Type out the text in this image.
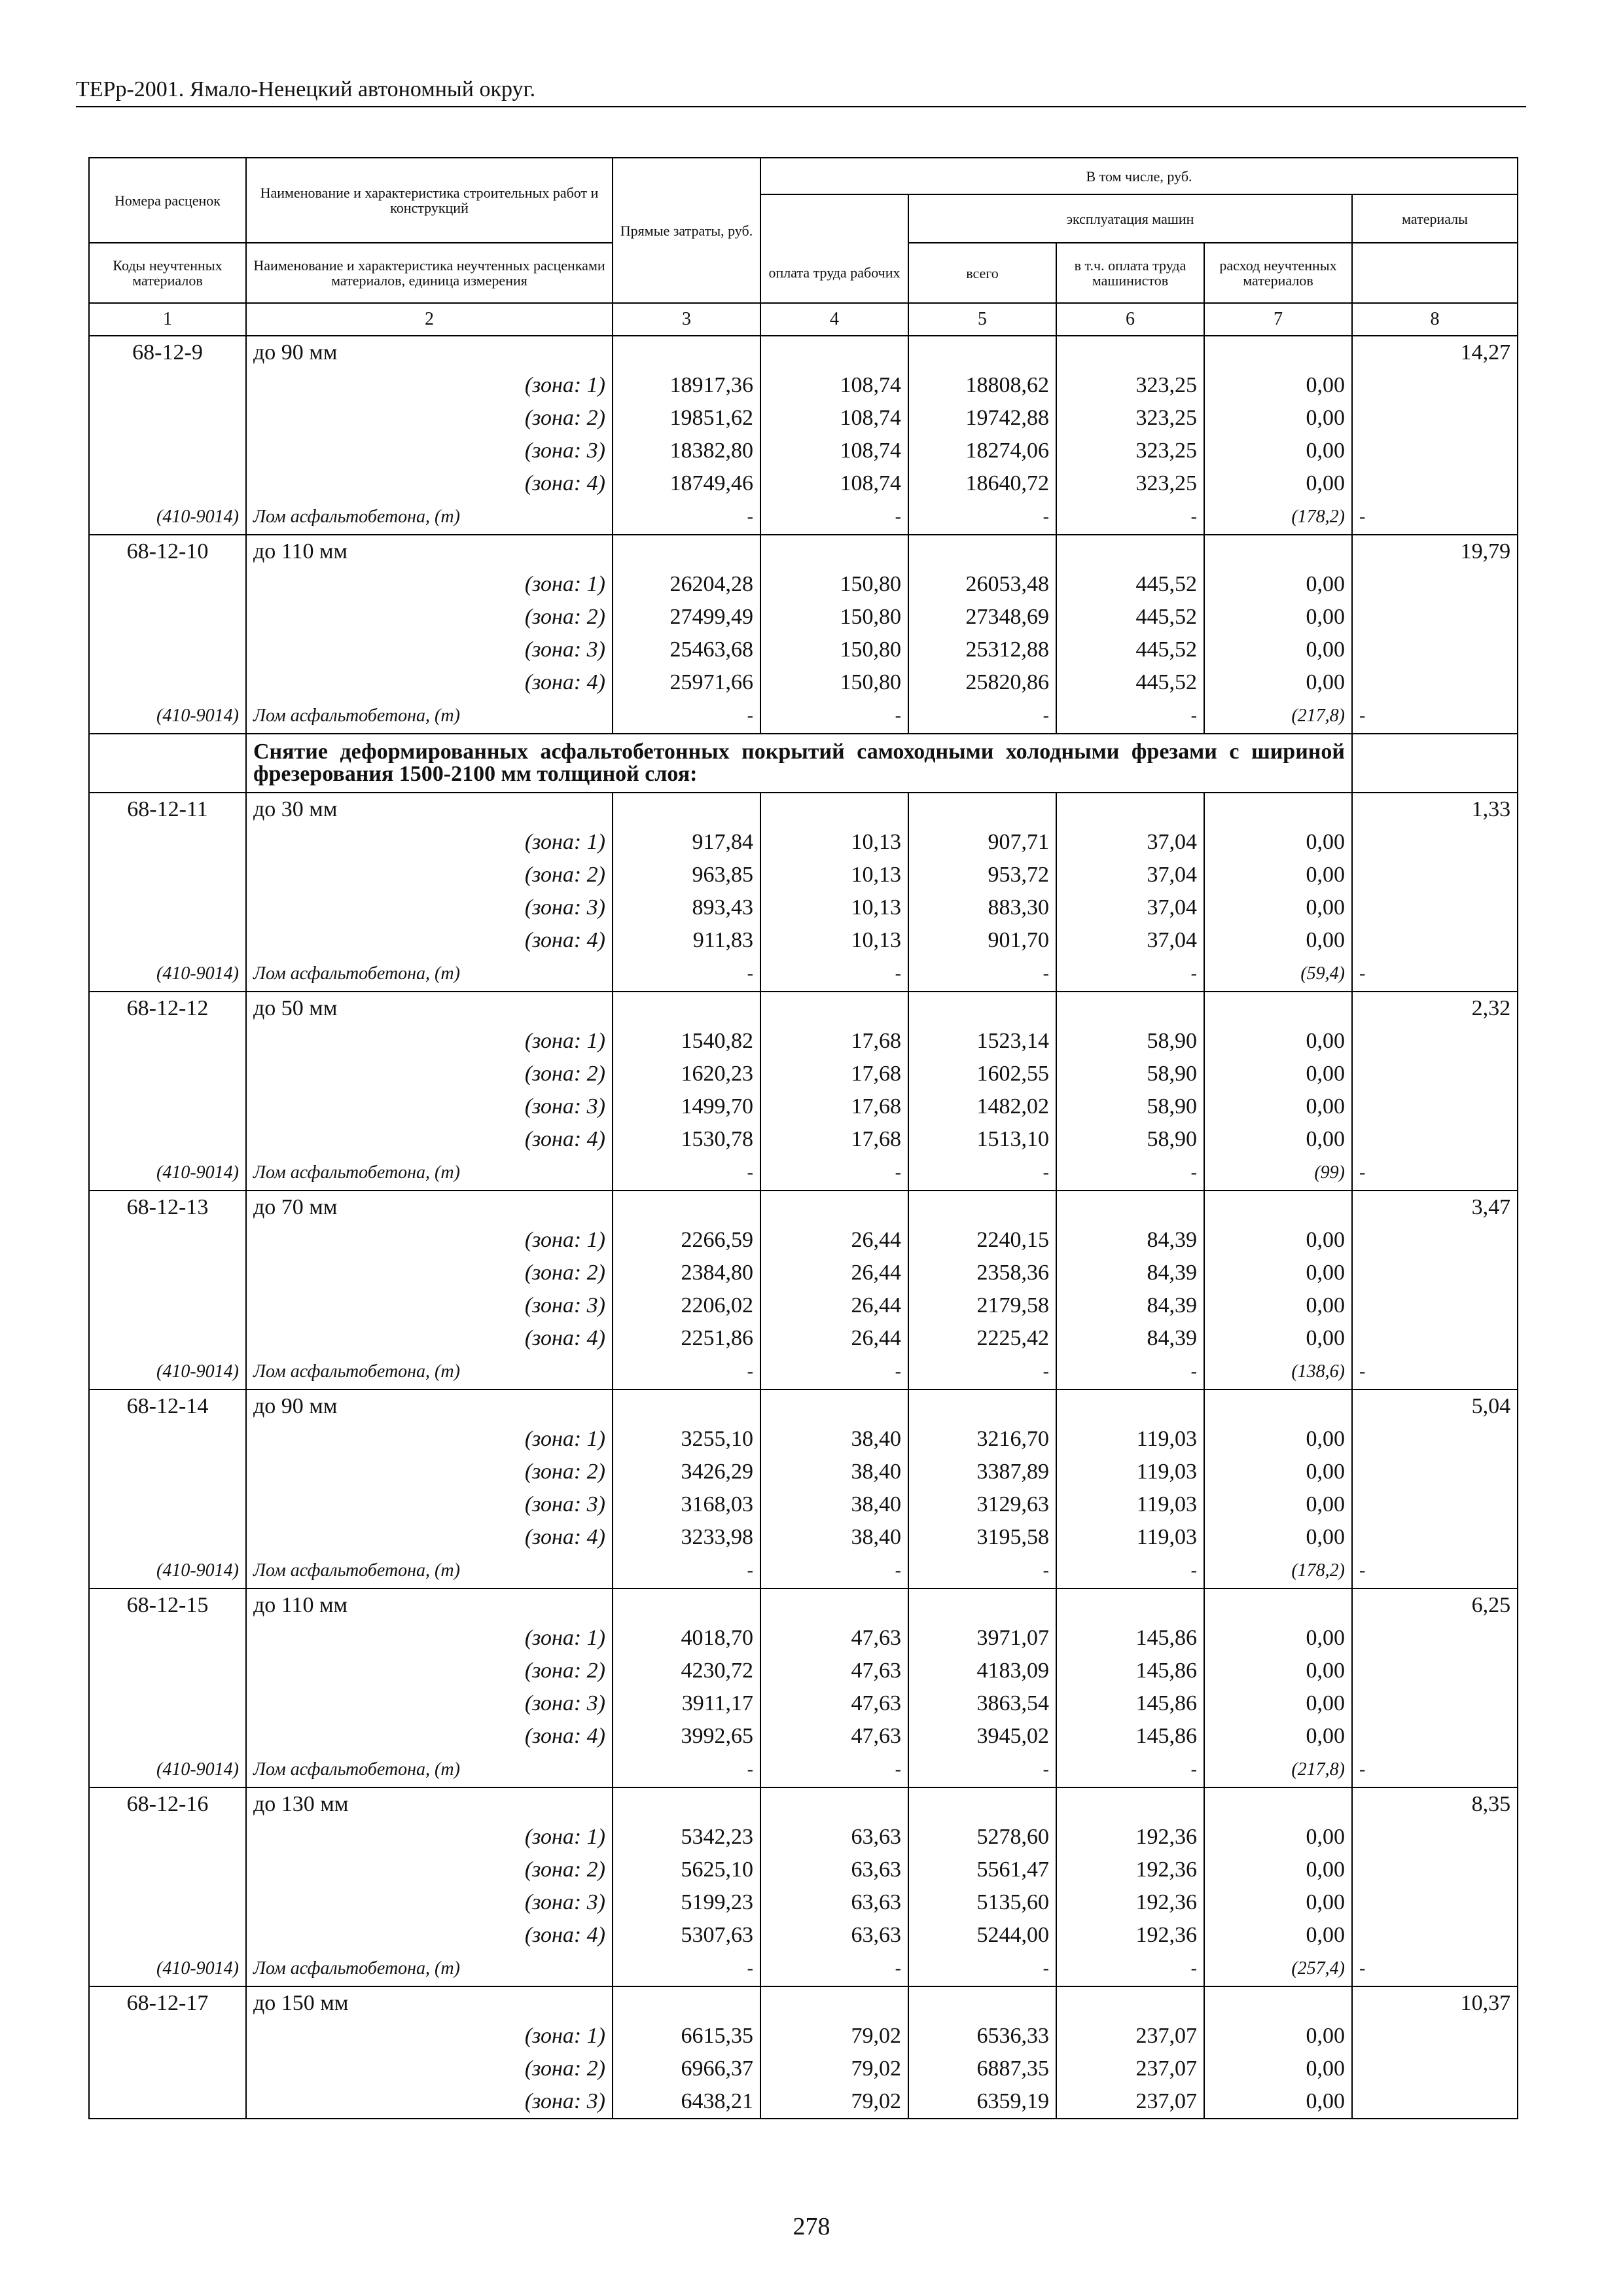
ТЕРр-2001. Ямало-Ненецкий автономный округ.
Номера расценок	Наименование и характеристика строительных работ и конструкций	Прямые затраты, руб.	В том числе, руб.	
				эксплуатация машин			материалы	
Коды неучтенных материалов	Наименование и характеристика неучтенных расценками материалов, единица измерения		оплата труда рабочих	всего	в т.ч. оплата труда машинистов	расход неучтенных материалов		
1	2	3	4	5	6	7	8	
68-12-9	до 90 мм						14,27	
	(зона: 1)	18917,36	108,74	18808,62	323,25	0,00		
	(зона: 2)	19851,62	108,74	19742,88	323,25	0,00		
	(зона: 3)	18382,80	108,74	18274,06	323,25	0,00		
	(зона: 4)	18749,46	108,74	18640,72	323,25	0,00		
(410-9014)	Лом асфальтобетона, (т)	-	-	-	-	(178,2)	-	
68-12-10	до 110 мм						19,79	
	(зона: 1)	26204,28	150,80	26053,48	445,52	0,00		
	(зона: 2)	27499,49	150,80	27348,69	445,52	0,00		
	(зона: 3)	25463,68	150,80	25312,88	445,52	0,00		
	(зона: 4)	25971,66	150,80	25820,86	445,52	0,00		
(410-9014)	Лом асфальтобетона, (т)	-	-	-	-	(217,8)	-	
	Снятие деформированных асфальтобетонных покрытий самоходными холодными фрезами с шириной фрезерования 1500-2100 мм толщиной слоя:							
68-12-11	до 30 мм						1,33	
	(зона: 1)	917,84	10,13	907,71	37,04	0,00		
	(зона: 2)	963,85	10,13	953,72	37,04	0,00		
	(зона: 3)	893,43	10,13	883,30	37,04	0,00		
	(зона: 4)	911,83	10,13	901,70	37,04	0,00		
(410-9014)	Лом асфальтобетона, (т)	-	-	-	-	(59,4)	-	
68-12-12	до 50 мм						2,32	
	(зона: 1)	1540,82	17,68	1523,14	58,90	0,00		
	(зона: 2)	1620,23	17,68	1602,55	58,90	0,00		
	(зона: 3)	1499,70	17,68	1482,02	58,90	0,00		
	(зона: 4)	1530,78	17,68	1513,10	58,90	0,00		
(410-9014)	Лом асфальтобетона, (т)	-	-	-	-	(99)	-	
68-12-13	до 70 мм						3,47	
	(зона: 1)	2266,59	26,44	2240,15	84,39	0,00		
	(зона: 2)	2384,80	26,44	2358,36	84,39	0,00		
	(зона: 3)	2206,02	26,44	2179,58	84,39	0,00		
	(зона: 4)	2251,86	26,44	2225,42	84,39	0,00		
(410-9014)	Лом асфальтобетона, (т)	-	-	-	-	(138,6)	-	
68-12-14	до 90 мм						5,04	
	(зона: 1)	3255,10	38,40	3216,70	119,03	0,00		
	(зона: 2)	3426,29	38,40	3387,89	119,03	0,00		
	(зона: 3)	3168,03	38,40	3129,63	119,03	0,00		
	(зона: 4)	3233,98	38,40	3195,58	119,03	0,00		
(410-9014)	Лом асфальтобетона, (т)	-	-	-	-	(178,2)	-	
68-12-15	до 110 мм						6,25	
	(зона: 1)	4018,70	47,63	3971,07	145,86	0,00		
	(зона: 2)	4230,72	47,63	4183,09	145,86	0,00		
	(зона: 3)	3911,17	47,63	3863,54	145,86	0,00		
	(зона: 4)	3992,65	47,63	3945,02	145,86	0,00		
(410-9014)	Лом асфальтобетона, (т)	-	-	-	-	(217,8)	-	
68-12-16	до 130 мм						8,35	
	(зона: 1)	5342,23	63,63	5278,60	192,36	0,00		
	(зона: 2)	5625,10	63,63	5561,47	192,36	0,00		
	(зона: 3)	5199,23	63,63	5135,60	192,36	0,00		
	(зона: 4)	5307,63	63,63	5244,00	192,36	0,00		
(410-9014)	Лом асфальтобетона, (т)	-	-	-	-	(257,4)	-	
68-12-17	до 150 мм						10,37	
	(зона: 1)	6615,35	79,02	6536,33	237,07	0,00		
	(зона: 2)	6966,37	79,02	6887,35	237,07	0,00		
	(зона: 3)	6438,21	79,02	6359,19	237,07	0,00		
278
